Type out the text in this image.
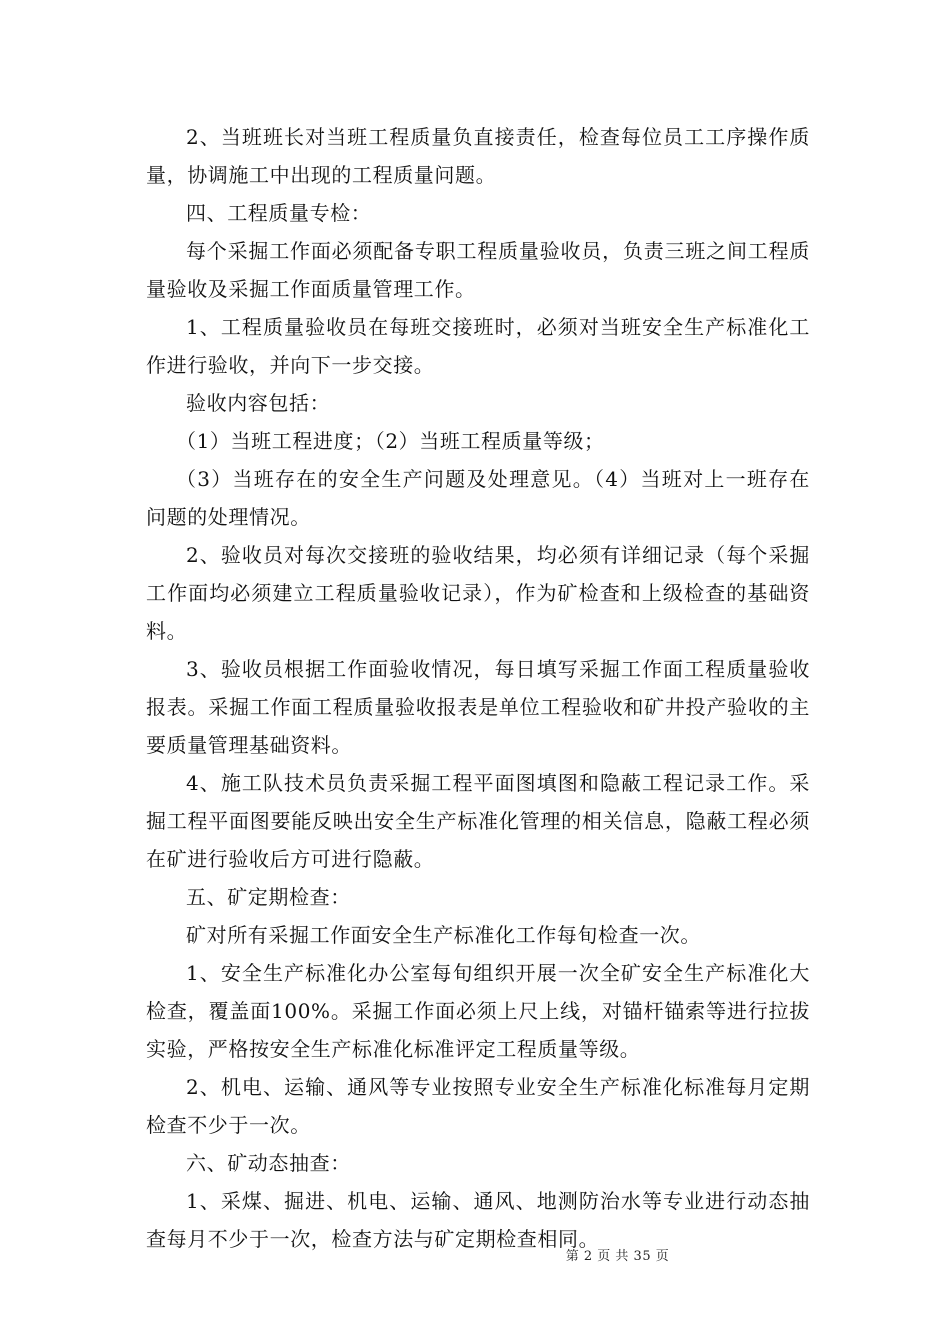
2、当班班长对当班工程质量负直接责任，检查每位员工工序操作质量，协调施工中出现的工程质量问题。

四、工程质量专检：

每个采掘工作面必须配备专职工程质量验收员，负责三班之间工程质量验收及采掘工作面质量管理工作。

1、工程质量验收员在每班交接班时，必须对当班安全生产标准化工作进行验收，并向下一步交接。

验收内容包括：

（1）当班工程进度；（2）当班工程质量等级；

（3）当班存在的安全生产问题及处理意见。（4）当班对上一班存在问题的处理情况。

2、验收员对每次交接班的验收结果，均必须有详细记录（每个采掘工作面均必须建立工程质量验收记录），作为矿检查和上级检查的基础资料。

3、验收员根据工作面验收情况，每日填写采掘工作面工程质量验收报表。采掘工作面工程质量验收报表是单位工程验收和矿井投产验收的主要质量管理基础资料。

4、施工队技术员负责采掘工程平面图填图和隐蔽工程记录工作。采掘工程平面图要能反映出安全生产标准化管理的相关信息，隐蔽工程必须在矿进行验收后方可进行隐蔽。

五、矿定期检查：

矿对所有采掘工作面安全生产标准化工作每旬检查一次。

1、安全生产标准化办公室每旬组织开展一次全矿安全生产标准化大检查，覆盖面100%。采掘工作面必须上尺上线，对锚杆锚索等进行拉拔实验，严格按安全生产标准化标准评定工程质量等级。

2、机电、运输、通风等专业按照专业安全生产标准化标准每月定期检查不少于一次。

六、矿动态抽查：

1、采煤、掘进、机电、运输、通风、地测防治水等专业进行动态抽查每月不少于一次，检查方法与矿定期检查相同。

第 2 页 共 35 页
